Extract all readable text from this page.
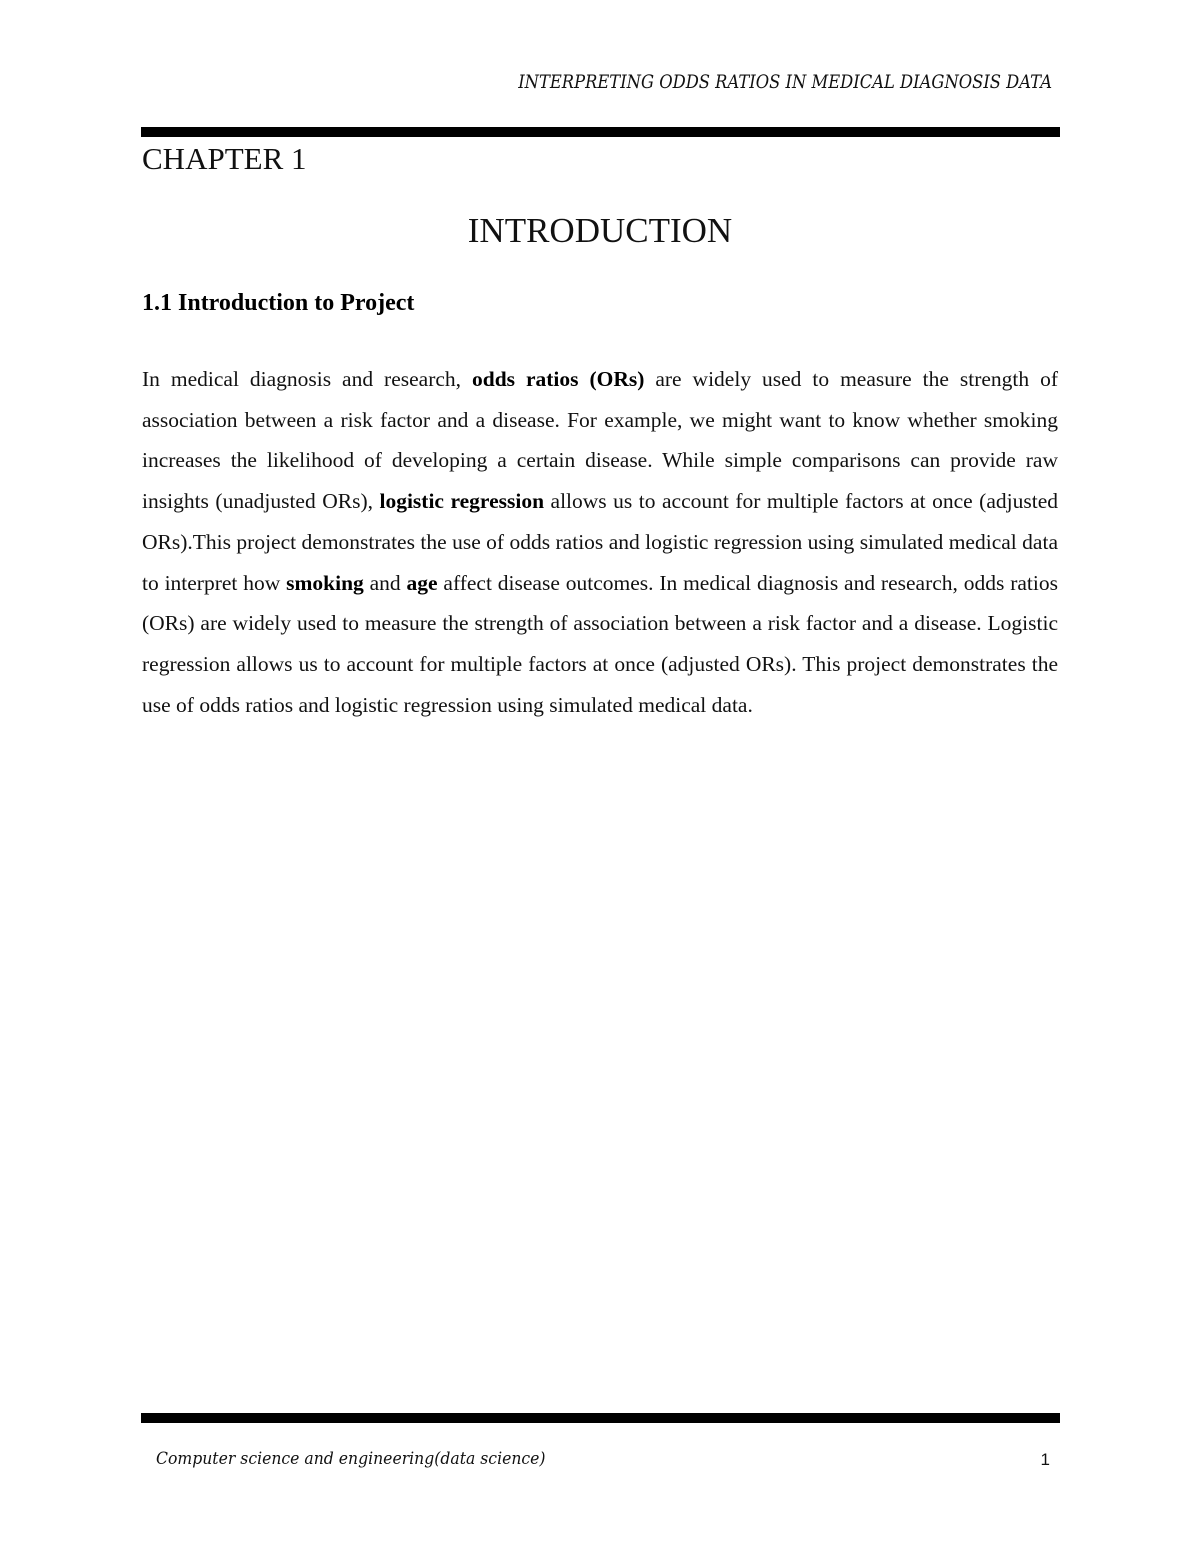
INTERPRETING ODDS RATIOS IN MEDICAL DIAGNOSIS DATA
CHAPTER 1
INTRODUCTION
1.1 Introduction to Project

In medical diagnosis and research, odds ratios (ORs) are widely used to measure the strength of association between a risk factor and a disease. For example, we might want to know whether smoking increases the likelihood of developing a certain disease. While simple comparisons can provide raw insights (unadjusted ORs), logistic regression allows us to account for multiple factors at once (adjusted ORs).This project demonstrates the use of odds ratios and logistic regression using simulated medical data to interpret how smoking and age affect disease outcomes. In medical diagnosis and research, odds ratios (ORs) are widely used to measure the strength of association between a risk factor and a disease. Logistic regression allows us to account for multiple factors at once (adjusted ORs). This project demonstrates the use of odds ratios and logistic regression using simulated medical data.

Computer science and engineering(data science)	1
